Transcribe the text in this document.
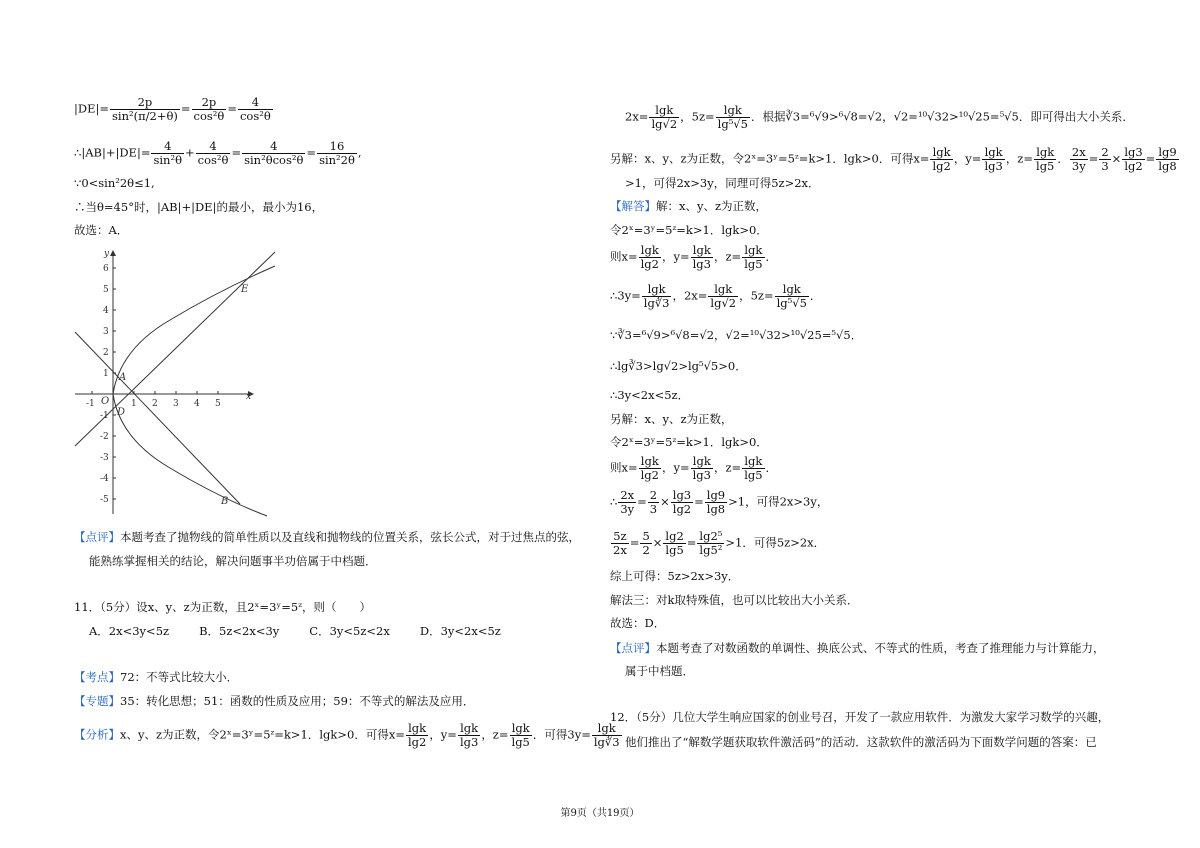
$|DE|= \frac{2p}{\text{sin²(π/2+θ)}} = \frac{2p}{\text{cos²θ}} = \frac{4}{\text{cos²θ}}$
∴|AB|+|DE|= $\frac{4}{\text{sin²θ}} + \frac{4}{\text{cos²θ}} = \frac{4}{\text{sin²θcos²θ}} = \frac{16}{\text{sin²2θ}}$ ,
∵0<sin²2θ≤1,
∴当θ=45°时，|AB|+|DE|的最小，最小为16，
故选：A．
-1	1 2 3 4 5
x
y
6
5
4
3
2
1
-1
-2
-3
-4
-5
A
B
D
E
O
【点评】本题考查了抛物线的简单性质以及直线和抛物线的位置关系，弦长公式，对于过焦点的弦，
能熟练掌握相关的结论，解决问题事半功倍属于中档题．
11．（5分）设x、y、z为正数，且2ˣ=3ʸ=5ᶻ，则（　　）
A．2x<3y<5z	B．5z<2x<3y	C．3y<5z<2x	D．3y<2x<5z
【考点】72：不等式比较大小．
【专题】35：转化思想；51：函数的性质及应用；59：不等式的解法及应用．
【分析】x、y、z为正数，令2ˣ=3ʸ=5ᶻ=k>1．lgk>0．可得$x= \frac{\lg k}{\lg 2}$ ，$y= \frac{\lg k}{\lg 3}$ ，$z= \frac{\lg k}{\lg 5}$ ．可得$3y= \frac{\lg k}{\lg∛3}$
$2x= \frac{\lg k}{\lg√2}$ ，$5z= \frac{\lg k}{\text{lg⁵√5}}$ ．根据∛3=⁶√9>⁶√8=√2，√2=¹⁰√32>¹⁰√25=⁵√5．即可得出大小关系．
另解：x、y、z为正数，令2ˣ=3ʸ=5ᶻ=k>1．lgk>0．可得$x= \frac{\lg k}{\lg 2}$ ，$y= \frac{\lg k}{\lg 3}$ ，$z= \frac{\lg k}{\lg 5}$ ． $\frac{2x}{3y} = \frac{2}{3} \times \frac{\lg 3}{\lg 2} = \frac{\lg 9}{\lg 8}$
>1，可得2x>3y，同理可得5z>2x．
【解答】解：x、y、z为正数，
令2ˣ=3ʸ=5ᶻ=k>1．lgk>0．
则$x= \frac{\lg k}{\lg 2}$ ，$y= \frac{\lg k}{\lg 3}$ ，$z= \frac{\lg k}{\lg 5}$ ．
∴3y= $\frac{\lg k}{\lg∛3}$ ，$2x= \frac{\lg k}{\lg√2}$ ，$5z= \frac{\lg k}{\text{lg⁵√5}}$ ．
∵∛3=⁶√9>⁶√8=√2，√2=¹⁰√32>¹⁰√25=⁵√5．
∴lg∛3>lg√2>lg⁵√5>0．
∴3y<2x<5z．
另解：x、y、z为正数，
令2ˣ=3ʸ=5ᶻ=k>1．lgk>0．
则$x= \frac{\lg k}{\lg 2}$ ，$y= \frac{\lg k}{\lg 3}$ ，$z= \frac{\lg k}{\lg 5}$ ．
∴ $\frac{2x}{3y} = \frac{2}{3} \times \frac{\lg 3}{\lg 2} = \frac{\lg 9}{\lg 8} >1$，可得2x>3y，
$\frac{5z}{2x} = \frac{5}{2} \times \frac{\lg 2}{\lg 5} = \frac{\text{lg2⁵}}{\text{lg5²}} >1$．可得5z>2x．
综上可得：5z>2x>3y．
解法三：对k取特殊值，也可以比较出大小关系．
故选：D．
【点评】本题考查了对数函数的单调性、换底公式、不等式的性质，考查了推理能力与计算能力，
属于中档题．
12．（5分）几位大学生响应国家的创业号召，开发了一款应用软件．为激发大家学习数学的兴趣，
他们推出了“解数学题获取软件激活码”的活动．这款软件的激活码为下面数学问题的答案：已
第9页（共19页）
